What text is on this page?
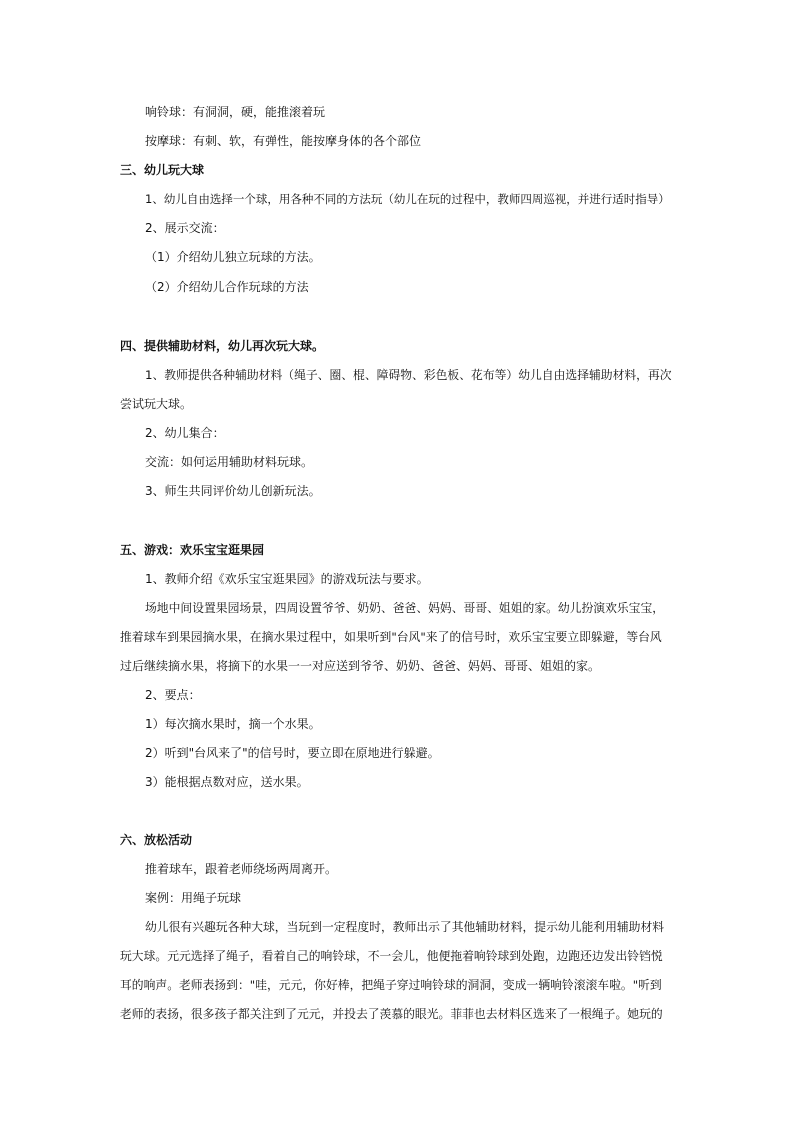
响铃球：有洞洞，硬，能推滚着玩
按摩球：有刺、软，有弹性，能按摩身体的各个部位
三、幼儿玩大球
1、幼儿自由选择一个球，用各种不同的方法玩（幼儿在玩的过程中，教师四周巡视，并进行适时指导）
2、展示交流：
（1）介绍幼儿独立玩球的方法。
（2）介绍幼儿合作玩球的方法
四、提供辅助材料，幼儿再次玩大球。
1、教师提供各种辅助材料（绳子、圈、棍、障碍物、彩色板、花布等）幼儿自由选择辅助材料，再次
尝试玩大球。
2、幼儿集合：
交流：如何运用辅助材料玩球。
3、师生共同评价幼儿创新玩法。
五、游戏：欢乐宝宝逛果园
1、教师介绍《欢乐宝宝逛果园》的游戏玩法与要求。
场地中间设置果园场景，四周设置爷爷、奶奶、爸爸、妈妈、哥哥、姐姐的家。幼儿扮演欢乐宝宝，
推着球车到果园摘水果，在摘水果过程中，如果听到"台风"来了的信号时，欢乐宝宝要立即躲避，等台风
过后继续摘水果，将摘下的水果一一对应送到爷爷、奶奶、爸爸、妈妈、哥哥、姐姐的家。
2、要点：
1）每次摘水果时，摘一个水果。
2）听到"台风来了"的信号时，要立即在原地进行躲避。
3）能根据点数对应，送水果。
六、放松活动
推着球车，跟着老师绕场两周离开。
案例：用绳子玩球
幼儿很有兴趣玩各种大球，当玩到一定程度时，教师出示了其他辅助材料，提示幼儿能利用辅助材料
玩大球。元元选择了绳子，看着自己的响铃球，不一会儿，他便拖着响铃球到处跑，边跑还边发出铃铛悦
耳的响声。老师表扬到："哇，元元，你好棒，把绳子穿过响铃球的洞洞，变成一辆响铃滚滚车啦。"听到
老师的表扬，很多孩子都关注到了元元，并投去了羡慕的眼光。菲菲也去材料区选来了一根绳子。她玩的
